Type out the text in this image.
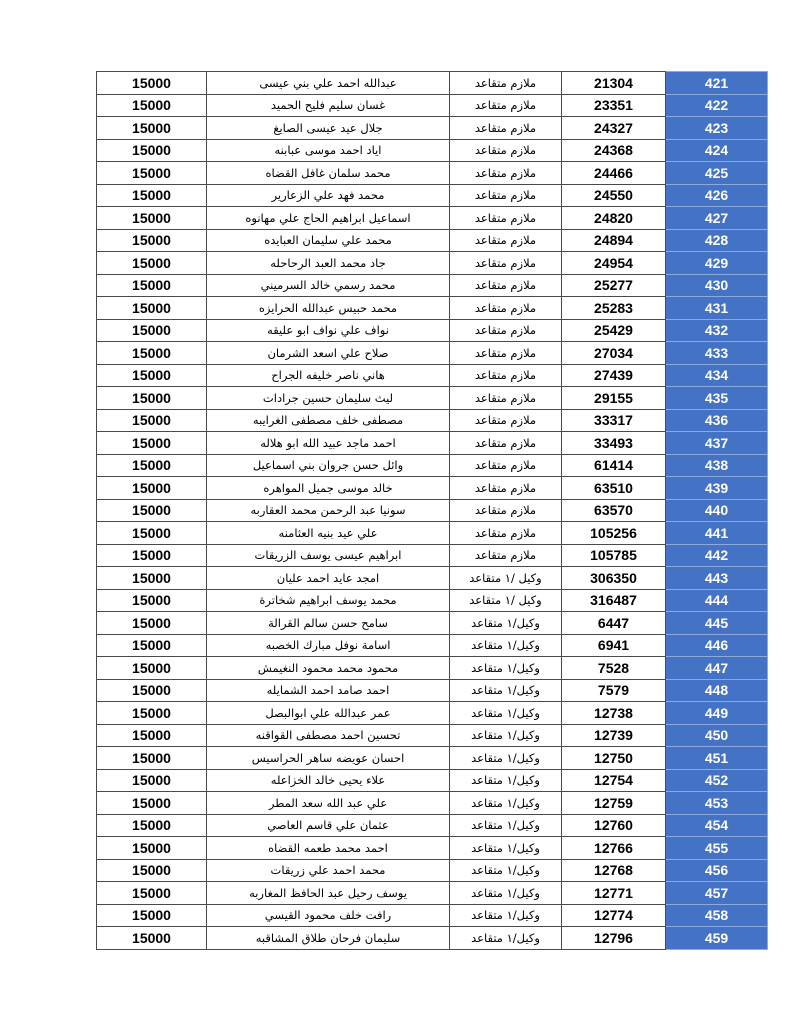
15000	عبدالله احمد علي بني عيسى	ملازم متقاعد	21304	421
15000	غسان سليم فليح الحميد	ملازم متقاعد	23351	422
15000	جلال عيد عيسى الصايغ	ملازم متقاعد	24327	423
15000	اياد احمد موسى عبابنه	ملازم متقاعد	24368	424
15000	محمد سلمان غافل القضاه	ملازم متقاعد	24466	425
15000	محمد فهد علي الزعارير	ملازم متقاعد	24550	426
15000	اسماعيل ابراهيم الحاج علي مهانوه	ملازم متقاعد	24820	427
15000	محمد علي سليمان العبايده	ملازم متقاعد	24894	428
15000	جاد محمد العبد الرحاحله	ملازم متقاعد	24954	429
15000	محمد رسمي خالد السرميني	ملازم متقاعد	25277	430
15000	محمد حبيس عبدالله الحرايزه	ملازم متقاعد	25283	431
15000	نواف علي نواف ابو عليقه	ملازم متقاعد	25429	432
15000	صلاح علي اسعد الشرمان	ملازم متقاعد	27034	433
15000	هاني ناصر خليفه الجراح	ملازم متقاعد	27439	434
15000	ليث سليمان حسين جرادات	ملازم متقاعد	29155	435
15000	مصطفى خلف مصطفى الغرايبه	ملازم متقاعد	33317	436
15000	احمد ماجد عبيد الله ابو هلاله	ملازم متقاعد	33493	437
15000	وائل حسن جروان بني اسماعيل	ملازم متقاعد	61414	438
15000	خالد موسى جميل المواهره	ملازم متقاعد	63510	439
15000	سونيا عبد الرحمن محمد العقاربه	ملازم متقاعد	63570	440
15000	علي عيد بنيه العثامنه	ملازم متقاعد	105256	441
15000	ابراهيم عيسى يوسف الزريقات	ملازم متقاعد	105785	442
15000	امجد عايد احمد عليان	وكيل /١ متقاعد	306350	443
15000	محمد يوسف ابراهيم شخاترة	وكيل /١ متقاعد	316487	444
15000	سامح حسن سالم القرالة	وكيل/١ متقاعد	6447	445
15000	اسامة نوفل مبارك الخصبه	وكيل/١ متقاعد	6941	446
15000	محمود محمد محمود النغيمش	وكيل/١ متقاعد	7528	447
15000	احمد صامد احمد الشمايله	وكيل/١ متقاعد	7579	448
15000	عمر عبدالله علي ابوالبصل	وكيل/١ متقاعد	12738	449
15000	تحسين احمد مصطفى القواقنه	وكيل/١ متقاعد	12739	450
15000	احسان عويضه ساهر الحراسيس	وكيل/١ متقاعد	12750	451
15000	علاء يحيى خالد الخزاعله	وكيل/١ متقاعد	12754	452
15000	علي عبد الله سعد المطر	وكيل/١ متقاعد	12759	453
15000	عثمان علي قاسم العاصي	وكيل/١ متقاعد	12760	454
15000	احمد محمد طعمه القضاه	وكيل/١ متقاعد	12766	455
15000	محمد احمد علي زريقات	وكيل/١ متقاعد	12768	456
15000	يوسف رحيل عبد الحافظ المغاربه	وكيل/١ متقاعد	12771	457
15000	رافت خلف محمود القيسي	وكيل/١ متقاعد	12774	458
15000	سليمان فرحان طلاق المشاقبه	وكيل/١ متقاعد	12796	459
